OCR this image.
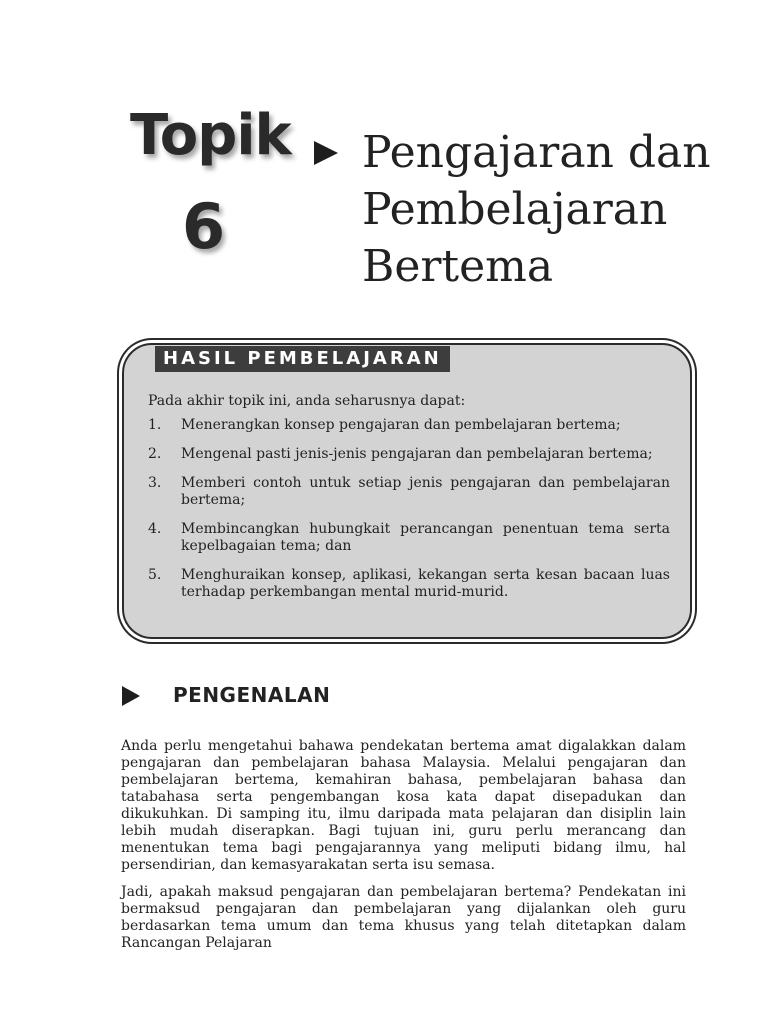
Topik
6
Pengajaran dan
Pembelajaran
Bertema
HASIL PEMBELAJARAN
Pada akhir topik ini, anda seharusnya dapat:
1.	Menerangkan konsep pengajaran dan pembelajaran bertema;
2.	Mengenal pasti jenis-jenis pengajaran dan pembelajaran bertema;
3.	Memberi contoh untuk setiap jenis pengajaran dan pembelajaran bertema;
4.	Membincangkan hubungkait perancangan penentuan tema serta kepelbagaian tema; dan
5.	Menghuraikan konsep, aplikasi, kekangan serta kesan bacaan luas terhadap perkembangan mental murid-murid.
PENGENALAN

Anda perlu mengetahui bahawa pendekatan bertema amat digalakkan dalam pengajaran dan pembelajaran bahasa Malaysia. Melalui pengajaran dan pembelajaran bertema, kemahiran bahasa, pembelajaran bahasa dan tatabahasa serta pengembangan kosa kata dapat disepadukan dan dikukuhkan. Di samping itu, ilmu daripada mata pelajaran dan disiplin lain lebih mudah diserapkan. Bagi tujuan ini, guru perlu merancang dan menentukan tema bagi pengajarannya yang meliputi bidang ilmu, hal persendirian, dan kemasyarakatan serta isu semasa.

Jadi, apakah maksud pengajaran dan pembelajaran bertema? Pendekatan ini bermaksud pengajaran dan pembelajaran yang dijalankan oleh guru berdasarkan tema umum dan tema khusus yang telah ditetapkan dalam Rancangan Pelajaran
